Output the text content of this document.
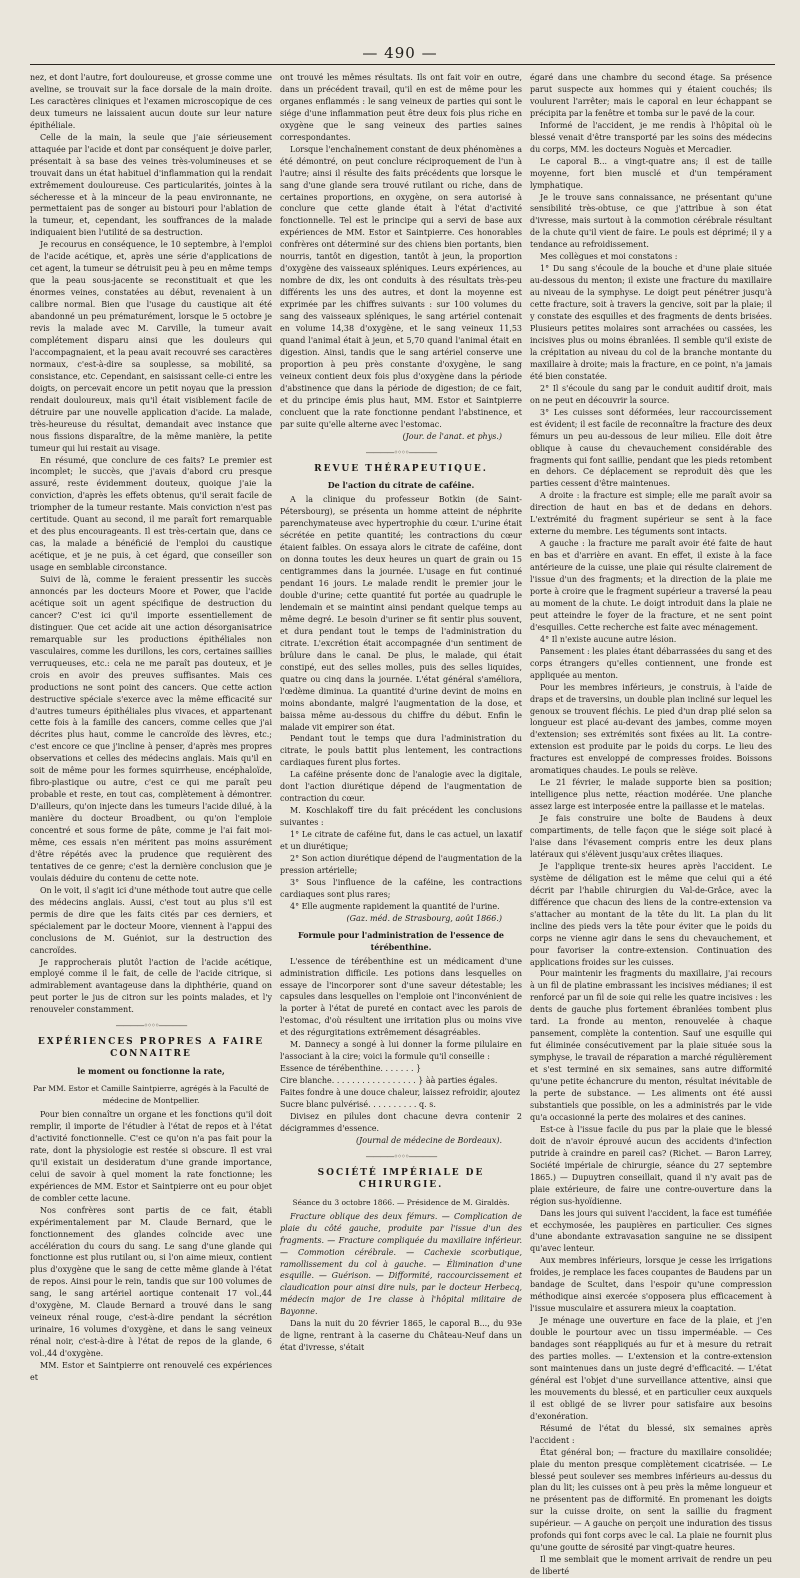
— 490 —

nez, et dont l'autre, fort douloureuse, et grosse comme une aveline, se trouvait sur la face dorsale de la main droite. Les caractères cliniques et l'examen microscopique de ces deux tumeurs ne laissaient aucun doute sur leur nature épithéliale.

Celle de la main, la seule que j'aie sérieusement attaquée par l'acide et dont par conséquent je doive parler, présentait à sa base des veines très-volumineuses et se trouvait dans un état habituel d'inflammation qui la rendait extrêmement douloureuse. Ces particularités, jointes à la sécheresse et à la minceur de la peau environnante, ne permettaient pas de songer au bistouri pour l'ablation de la tumeur, et, cependant, les souffrances de la malade indiquaient bien l'utilité de sa destruction.

Je recourus en conséquence, le 10 septembre, à l'emploi de l'acide acétique, et, après une série d'applications de cet agent, la tumeur se détruisit peu à peu en même temps que la peau sous-jacente se reconstituait et que les énormes veines, constatées au début, revenaient à un calibre normal. Bien que l'usage du caustique ait été abandonné un peu prématurément, lorsque le 5 octobre je revis la malade avec M. Carville, la tumeur avait complétement disparu ainsi que les douleurs qui l'accompagnaient, et la peau avait recouvré ses caractères normaux, c'est-à-dire sa souplesse, sa mobilité, sa consistance, etc. Cependant, en saisissant celle-ci entre les doigts, on percevait encore un petit noyau que la pression rendait douloureux, mais qu'il était visiblement facile de détruire par une nouvelle application d'acide. La malade, très-heureuse du résultat, demandait avec instance que nous fissions disparaître, de la même manière, la petite tumeur qui lui restait au visage.

En résumé, que conclure de ces faits? Le premier est incomplet; le succès, que j'avais d'abord cru presque assuré, reste évidemment douteux, quoique j'aie la conviction, d'après les effets obtenus, qu'il serait facile de triompher de la tumeur restante. Mais conviction n'est pas certitude. Quant au second, il me paraît fort remarquable et des plus encourageants. Il est très-certain que, dans ce cas, la malade a bénéficié de l'emploi du caustique acétique, et je ne puis, à cet égard, que conseiller son usage en semblable circonstance.

Suivi de là, comme le feraient pressentir les succès annoncés par les docteurs Moore et Power, que l'acide acétique soit un agent spécifique de destruction du cancer? C'est ici qu'il importe essentiellement de distinguer. Que cet acide ait une action désorganisatrice remarquable sur les productions épithéliales non vasculaires, comme les durillons, les cors, certaines saillies verruqueuses, etc.: cela ne me paraît pas douteux, et je crois en avoir des preuves suffisantes. Mais ces productions ne sont point des cancers. Que cette action destructive spéciale s'exerce avec la même efficacité sur d'autres tumeurs épithéliales plus vivaces, et appartenant cette fois à la famille des cancers, comme celles que j'ai décrites plus haut, comme le cancroïde des lèvres, etc.; c'est encore ce que j'incline à penser, d'après mes propres observations et celles des médecins anglais. Mais qu'il en soit de même pour les formes squirrheuse, encéphaloïde, fibro-plastique ou autre, c'est ce qui me paraît peu probable et reste, en tout cas, complètement à démontrer. D'ailleurs, qu'on injecte dans les tumeurs l'acide dilué, à la manière du docteur Broadbent, ou qu'on l'emploie concentré et sous forme de pâte, comme je l'ai fait moi-même, ces essais n'en méritent pas moins assurément d'être répétés avec la prudence que requièrent des tentatives de ce genre; c'est la dernière conclusion que je voulais déduire du contenu de cette note.

On le voit, il s'agit ici d'une méthode tout autre que celle des médecins anglais. Aussi, c'est tout au plus s'il est permis de dire que les faits cités par ces derniers, et spécialement par le docteur Moore, viennent à l'appui des conclusions de M. Guéniot, sur la destruction des cancroïdes.

Je rapprocherais plutôt l'action de l'acide acétique, employé comme il le fait, de celle de l'acide citrique, si admirablement avantageuse dans la diphthérie, quand on peut porter le jus de citron sur les points malades, et l'y renouveler constamment.

————◦◦◦◦————

EXPÉRIENCES PROPRES A FAIRE CONNAITRE

le moment ou fonctionne la rate,

Par MM. Estor et Camille Saintpierre, agrégés à la Faculté de médecine de Montpellier.

Pour bien connaître un organe et les fonctions qu'il doit remplir, il importe de l'étudier à l'état de repos et à l'état d'activité fonctionnelle. C'est ce qu'on n'a pas fait pour la rate, dont la physiologie est restée si obscure. Il est vrai qu'il existait un desideratum d'une grande importance, celui de savoir à quel moment la rate fonctionne; les expériences de MM. Estor et Saintpierre ont eu pour objet de combler cette lacune.

Nos confrères sont partis de ce fait, établi expérimentalement par M. Claude Bernard, que le fonctionnement des glandes coïncide avec une accélération du cours du sang. Le sang d'une glande qui fonctionne est plus rutilant ou, si l'on aime mieux, contient plus d'oxygène que le sang de cette même glande à l'état de repos. Ainsi pour le rein, tandis que sur 100 volumes de sang, le sang artériel aortique contenait 17 vol.,44 d'oxygène, M. Claude Bernard a trouvé dans le sang veineux rénal rouge, c'est-à-dire pendant la sécrétion urinaire, 16 volumes d'oxygène, et dans le sang veineux rénal noir, c'est-à-dire à l'état de repos de la glande, 6 vol.,44 d'oxygène.

MM. Estor et Saintpierre ont renouvelé ces expériences et

ont trouvé les mêmes résultats. Ils ont fait voir en outre, dans un précédent travail, qu'il en est de même pour les organes enflammés : le sang veineux de parties qui sont le siége d'une inflammation peut être deux fois plus riche en oxygène que le sang veineux des parties saines correspondantes.

Lorsque l'enchaînement constant de deux phénomènes a été démontré, on peut conclure réciproquement de l'un à l'autre; ainsi il résulte des faits précédents que lorsque le sang d'une glande sera trouvé rutilant ou riche, dans de certaines proportions, en oxygène, on sera autorisé à conclure que cette glande était à l'état d'activité fonctionnelle. Tel est le principe qui a servi de base aux expériences de MM. Estor et Saintpierre. Ces honorables confrères ont déterminé sur des chiens bien portants, bien nourris, tantôt en digestion, tantôt à jeun, la proportion d'oxygène des vaisseaux spléniques. Leurs expériences, au nombre de dix, les ont conduits à des résultats très-peu différents les uns des autres, et dont la moyenne est exprimée par les chiffres suivants : sur 100 volumes du sang des vaisseaux spléniques, le sang artériel contenait en volume 14,38 d'oxygène, et le sang veineux 11,53 quand l'animal était à jeun, et 5,70 quand l'animal était en digestion. Ainsi, tandis que le sang artériel conserve une proportion à peu près constante d'oxygène, le sang veineux contient deux fois plus d'oxygène dans la période d'abstinence que dans la période de digestion; de ce fait, et du principe émis plus haut, MM. Estor et Saintpierre concluent que la rate fonctionne pendant l'abstinence, et par suite qu'elle alterne avec l'estomac.

(Jour. de l'anat. et phys.)

————◦◦◦◦————

REVUE THÉRAPEUTIQUE.

De l'action du citrate de caféine.

A la clinique du professeur Botkin (de Saint-Pétersbourg), se présenta un homme atteint de néphrite parenchymateuse avec hypertrophie du cœur. L'urine était sécrétée en petite quantité; les contractions du cœur étaient faibles. On essaya alors le citrate de caféine, dont on donna toutes les deux heures un quart de grain ou 15 centigrammes dans la journée. L'usage en fut continué pendant 16 jours. Le malade rendit le premier jour le double d'urine; cette quantité fut portée au quadruple le lendemain et se maintint ainsi pendant quelque temps au même degré. Le besoin d'uriner se fit sentir plus souvent, et dura pendant tout le temps de l'administration du citrate. L'excrétion était accompagnée d'un sentiment de brûlure dans le canal. De plus, le malade, qui était constipé, eut des selles molles, puis des selles liquides, quatre ou cinq dans la journée. L'état général s'améliora, l'œdème diminua. La quantité d'urine devint de moins en moins abondante, malgré l'augmentation de la dose, et baissa même au-dessous du chiffre du début. Enfin le malade vit empirer son état.

Pendant tout le temps que dura l'administration du citrate, le pouls battit plus lentement, les contractions cardiaques furent plus fortes.

La caféine présente donc de l'analogie avec la digitale, dont l'action diurétique dépend de l'augmentation de contraction du cœur.

M. Koschlakoff tire du fait précédent les conclusions suivantes :

1° Le citrate de caféine fut, dans le cas actuel, un laxatif et un diurétique;

2° Son action diurétique dépend de l'augmentation de la pression artérielle;

3° Sous l'influence de la caféine, les contractions cardiaques sont plus rares;

4° Elle augmente rapidement la quantité de l'urine.

(Gaz. méd. de Strasbourg, août 1866.)

Formule pour l'administration de l'essence de térébenthine.

L'essence de térébenthine est un médicament d'une administration difficile. Les potions dans lesquelles on essaye de l'incorporer sont d'une saveur détestable; les capsules dans lesquelles on l'emploie ont l'inconvénient de la porter à l'état de pureté en contact avec les parois de l'estomac, d'où résultent une irritation plus ou moins vive et des régurgitations extrêmement désagréables.

M. Dannecy a songé à lui donner la forme pilulaire en l'associant à la cire; voici la formule qu'il conseille :

Essence de térébenthine. . . . . . . }

Cire blanche. . . . . . . . . . . . . . . . . } àà parties égales.

Faites fondre à une douce chaleur, laissez refroidir, ajoutez

Sucre blanc pulvérisé. . . . . . . . . . q. s.

Divisez en pilules dont chacune devra contenir 2 décigrammes d'essence.

(Journal de médecine de Bordeaux).

————◦◦◦◦————

SOCIÉTÉ IMPÉRIALE DE CHIRURGIE.

Séance du 3 octobre 1866. — Présidence de M. Giraldès.

Fracture oblique des deux fémurs. — Complication de plaie du côté gauche, produite par l'issue d'un des fragments. — Fracture compliquée du maxillaire inférieur. — Commotion cérébrale. — Cachexie scorbutique, ramollissement du col à gauche. — Élimination d'une esquille. — Guérison. — Difformité, raccourcissement et claudication pour ainsi dire nuls, par le docteur Herbecq, médecin major de 1re classe à l'hôpital militaire de Bayonne.

Dans la nuit du 20 février 1865, le caporal B..., du 93e de ligne, rentrant à la caserne du Château-Neuf dans un état d'ivresse, s'était

égaré dans une chambre du second étage. Sa présence parut suspecte aux hommes qui y étaient couchés; ils voulurent l'arrêter; mais le caporal en leur échappant se précipita par la fenêtre et tomba sur le pavé de la cour.

Informé de l'accident, je me rendis à l'hôpital où le blessé venait d'être transporté par les soins des médecins du corps, MM. les docteurs Noguès et Mercadier.

Le caporal B... a vingt-quatre ans; il est de taille moyenne, fort bien musclé et d'un tempérament lymphatique.

Je le trouve sans connaissance, ne présentant qu'une sensibilité très-obtuse, ce que j'attribue à son état d'ivresse, mais surtout à la commotion cérébrale résultant de la chute qu'il vient de faire. Le pouls est déprimé; il y a tendance au refroidissement.

Mes collègues et moi constatons :

1° Du sang s'écoule de la bouche et d'une plaie située au-dessous du menton; il existe une fracture du maxillaire au niveau de la symphyse. Le doigt peut pénétrer jusqu'à cette fracture, soit à travers la gencive, soit par la plaie; il y constate des esquilles et des fragments de dents brisées. Plusieurs petites molaires sont arrachées ou cassées, les incisives plus ou moins ébranlées. Il semble qu'il existe de la crépitation au niveau du col de la branche montante du maxillaire à droite; mais la fracture, en ce point, n'a jamais été bien constatée.

2° Il s'écoule du sang par le conduit auditif droit, mais on ne peut en découvrir la source.

3° Les cuisses sont déformées, leur raccourcissement est évident; il est facile de reconnaître la fracture des deux fémurs un peu au-dessous de leur milieu. Elle doit être oblique à cause du chevauchement considérable des fragments qui font saillie, pendant que les pieds retombent en dehors. Ce déplacement se reproduit dès que les parties cessent d'être maintenues.

A droite : la fracture est simple; elle me paraît avoir sa direction de haut en bas et de dedans en dehors. L'extrémité du fragment supérieur se sent à la face externe du membre. Les téguments sont intacts.

A gauche : la fracture me paraît avoir été faite de haut en bas et d'arrière en avant. En effet, il existe à la face antérieure de la cuisse, une plaie qui résulte clairement de l'issue d'un des fragments; et la direction de la plaie me porte à croire que le fragment supérieur a traversé la peau au moment de la chute. Le doigt introduit dans la plaie ne peut atteindre le foyer de la fracture, et ne sent point d'esquilles. Cette recherche est faite avec ménagement.

4° Il n'existe aucune autre lésion.

Pansement : les plaies étant débarrassées du sang et des corps étrangers qu'elles contiennent, une fronde est appliquée au menton.

Pour les membres inférieurs, je construis, à l'aide de draps et de traversins, un double plan incliné sur lequel les genoux se trouvent fléchis. Le pied d'un drap plié selon sa longueur est placé au-devant des jambes, comme moyen d'extension; ses extrémités sont fixées au lit. La contre-extension est produite par le poids du corps. Le lieu des fractures est enveloppé de compresses froides. Boissons aromatiques chaudes. Le pouls se relève.

Le 21 février, le malade supporte bien sa position; intelligence plus nette, réaction modérée. Une planche assez large est interposée entre la paillasse et le matelas.

Je fais construire une boîte de Baudens à deux compartiments, de telle façon que le siége soit placé à l'aise dans l'évasement compris entre les deux plans latéraux qui s'élèvent jusqu'aux crêtes iliaques.

Je l'applique trente-six heures après l'accident. Le système de déligation est le même que celui qui a été décrit par l'habile chirurgien du Val-de-Grâce, avec la différence que chacun des liens de la contre-extension va s'attacher au montant de la tête du lit. La plan du lit incline des pieds vers la tête pour éviter que le poids du corps ne vienne agir dans le sens du chevauchement, et pour favoriser la contre-extension. Continuation des applications froides sur les cuisses.

Pour maintenir les fragments du maxillaire, j'ai recours à un fil de platine embrassant les incisives médianes; il est renforcé par un fil de soie qui relie les quatre incisives : les dents de gauche plus fortement ébranlées tombent plus tard. La fronde au menton, renouvelée à chaque pansement, complète la contention. Sauf une esquille qui fut éliminée consécutivement par la plaie située sous la symphyse, le travail de réparation a marché régulièrement et s'est terminé en six semaines, sans autre difformité qu'une petite échancrure du menton, résultat inévitable de la perte de substance. — Les aliments ont été aussi substantiels que possible, on les a administrés par le vide qu'a occasionné la perte des molaires et des canines.

Est-ce à l'issue facile du pus par la plaie que le blessé doit de n'avoir éprouvé aucun des accidents d'infection putride à craindre en pareil cas? (Richet. — Baron Larrey, Société impériale de chirurgie, séance du 27 septembre 1865.) — Dupuytren conseillait, quand il n'y avait pas de plaie extérieure, de faire une contre-ouverture dans la région sus-hyoïdienne.

Dans les jours qui suivent l'accident, la face est tuméfiée et ecchymosée, les paupières en particulier. Ces signes d'une abondante extravasation sanguine ne se dissipent qu'avec lenteur.

Aux membres inférieurs, lorsque je cesse les irrigations froides, je remplace les faces coupantes de Baudens par un bandage de Scultet, dans l'espoir qu'une compression méthodique ainsi exercée s'opposera plus efficacement à l'issue musculaire et assurera mieux la coaptation.

Je ménage une ouverture en face de la plaie, et j'en double le pourtour avec un tissu imperméable. — Ces bandages sont réappliqués au fur et à mesure du retrait des parties molles. — L'extension et la contre-extension sont maintenues dans un juste degré d'efficacité. — L'état général est l'objet d'une surveillance attentive, ainsi que les mouvements du blessé, et en particulier ceux auxquels il est obligé de se livrer pour satisfaire aux besoins d'exonération.

Résumé de l'état du blessé, six semaines après l'accident :

État général bon; — fracture du maxillaire consolidée; plaie du menton presque complètement cicatrisée. — Le blessé peut soulever ses membres inférieurs au-dessus du plan du lit; les cuisses ont à peu près la même longueur et ne présentent pas de difformité. En promenant les doigts sur la cuisse droite, on sent la saillie du fragment supérieur. — A gauche on perçoit une induration des tissus profonds qui font corps avec le cal. La plaie ne fournit plus qu'une goutte de sérosité par vingt-quatre heures.

Il me semblait que le moment arrivait de rendre un peu de liberté
